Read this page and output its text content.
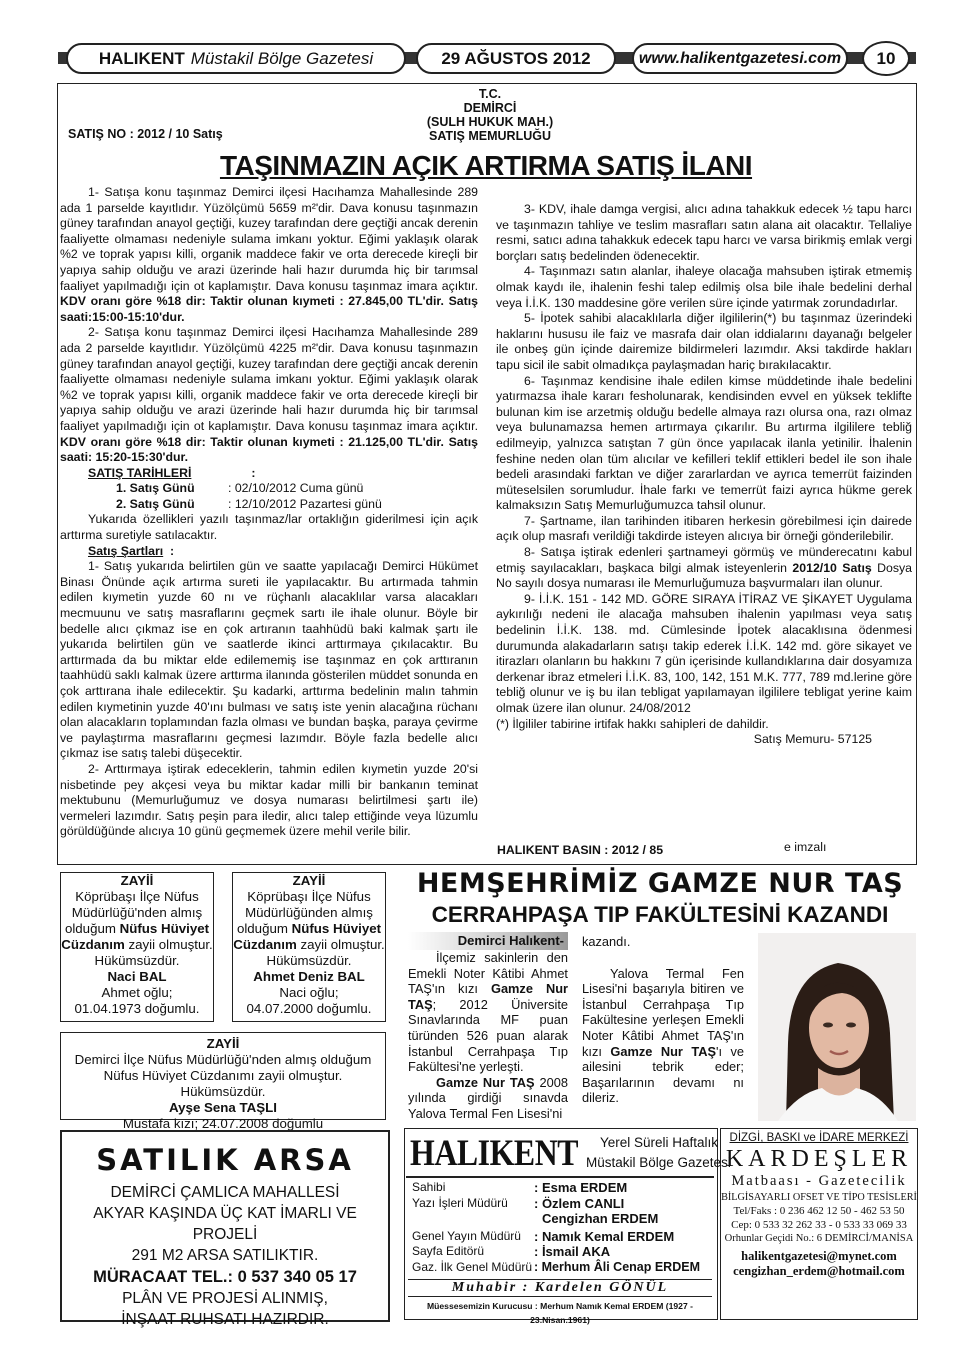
HALIKENT Müstakil Bölge Gazetesi	29 AĞUSTOS 2012	www.halikentgazetesi.com	10
T.C.
DEMİRCİ
(SULH HUKUK MAH.)
SATIŞ MEMURLUĞU
SATIŞ NO : 2012 / 10 Satış
TAŞINMAZIN AÇIK ARTIRMA SATIŞ İLANI

1- Satışa konu taşınmaz Demirci ilçesi Hacıhamza Mahallesinde 289 ada 1 parselde kayıtlıdır. Yüzölçümü 5659 m²'dir. Dava konusu taşınmazın güney tarafından anayol geçtiği, kuzey tarafından dere geçtiği ancak derenin faaliyette olmaması nedeniyle sulama imkanı yoktur. Eğimi yaklaşık olarak %2 ve toprak yapısı killi, organik maddece fakir ve orta derecede kireçli bir yapıya sahip olduğu ve arazi üzerinde hali hazır durumda hiç bir tarımsal faaliyet yapılmadığı için ot kaplamıştır. Dava konusu taşınmaz imara açıktır. KDV oranı göre %18 dir: Taktir olunan kıymeti : 27.845,00 TL'dir. Satış saati:15:00-15:10'dur.

2- Satışa konu taşınmaz Demirci ilçesi Hacıhamza Mahallesinde 289 ada 2 parselde kayıtlıdır. Yüzölçümü 4225 m²'dir. Dava konusu taşınmazın güney tarafından anayol geçtiği, kuzey tarafından dere geçtiği ancak derenin faaliyette olmaması nedeniyle sulama imkanı yoktur. Eğimi yaklaşık olarak %2 ve toprak yapısı killi, organik maddece fakir ve orta derecede kireçli bir yapıya sahip olduğu ve arazi üzerinde hali hazır durumda hiç bir tarımsal faaliyet yapılmadığı için ot kaplamıştır. Dava konusu taşınmaz imara açıktır. KDV oranı göre %18 dir: Taktir olunan kıymeti : 21.125,00 TL'dir. Satış saati: 15:20-15:30'dur.

SATIŞ TARİHLERİ	:

1. Satış Günü	: 02/10/2012 Cuma günü

2. Satış Günü	: 12/10/2012 Pazartesi günü

Yukarıda özellikleri yazılı taşınmaz/lar ortaklığın giderilmesi için açık arttırma suretiyle satılacaktır.

Satış Şartları  :

1- Satış yukarıda belirtilen gün ve saatte yapılacağı Demirci Hükümet Binası Önünde açık artırma sureti ile yapılacaktır. Bu artırmada tahmin edilen kıymetin yuzde 60 nı ve rüçhanlı alacaklılar varsa alacakları mecmuunu ve satış masraflarını geçmek sartı ile ihale olunur. Böyle bir bedelle alıcı çıkmaz ise en çok artıranın taahhüdü baki kalmak şartı ile yukarıda belirtilen gün ve saatlerde ikinci arttırmaya çıkılacaktır. Bu arttırmada da bu miktar elde edilememiş ise taşınmaz en çok arttıranın taahhüdü saklı kalmak üzere arttırma ilanında gösterilen müddet sonunda en çok arttırana ihale edilecektir. Şu kadarki, arttırma bedelinin malın tahmin edilen kıymetinin yuzde 40'ını bulması ve satış iste yenin alacağına rüchanı olan alacakların toplamından fazla olması ve bundan başka, paraya çevirme ve paylaştırma masraflarını geçmesi lazımdır. Böyle fazla bedelle alıcı çıkmaz ise satış talebi düşecektir.

2- Arttırmaya iştirak edeceklerin, tahmin edilen kıymetin yuzde 20'si nisbetinde pey akçesi veya bu miktar kadar milli bir bankanın teminat mektubunu (Memurluğumuz ve dosya numarası belirtilmesi şartı ile) vermeleri lazımdır. Satış peşin para iledir, alıcı talep ettiğinde veya lüzumlu görüldüğünde alıcıya 10 günü geçmemek üzere mehil verile bilir.

3- KDV, ihale damga vergisi, alıcı adına tahakkuk edecek ½ tapu harcı ve taşınmazın tahliye ve teslim masrafları satın alana ait olacaktır. Tellaliye resmi, satıcı adına tahakkuk edecek tapu harcı ve varsa birikmiş emlak vergi borçları satış bedelinden ödenecektir.

4- Taşınmazı satın alanlar, ihaleye olacağa mahsuben iştirak etmemiş olmak kaydı ile, ihalenin feshi talep edilmiş olsa bile ihale bedelini derhal veya İ.İ.K. 130 maddesine göre verilen süre içinde yatırmak zorundadırlar.

5- İpotek sahibi alacaklılarla diğer ilgililerin(*) bu taşınmaz üzerindeki haklarını hususu ile faiz ve masrafa dair olan iddialarını dayanağı belgeler ile onbeş gün içinde dairemize bildirmeleri lazımdır. Aksi takdirde hakları tapu sicil ile sabit olmadıkça paylaşmadan hariç bırakılacaktır.

6- Taşınmaz kendisine ihale edilen kimse müddetinde ihale bedelini yatırmazsa ihale kararı fesholunarak, kendisinden evvel en yüksek teklifte bulunan kim ise arzetmiş olduğu bedelle almaya razı olursa ona, razı olmaz veya bulunamazsa hemen artırmaya çıkarılır. Bu artırma ilgililere tebliğ edilmeyip, yalnızca satıştan 7 gün önce yapılacak ilanla yetinilir. İhalenin feshine neden olan tüm alıcılar ve kefilleri teklif ettikleri bedel ile son ihale bedeli arasındaki farktan ve diğer zararlardan ve ayrıca temerrüt faizinden müteselsilen sorumludur. İhale farkı ve temerrüt faizi ayrıca hükme gerek kalmaksızın Satış Memurluğumuzca tahsil olunur.

7- Şartname, ilan tarihinden itibaren herkesin görebilmesi için dairede açık olup masrafı verildiği takdirde isteyen alıcıya bir örneği gönderilebilir.

8- Satışa iştirak edenleri şartnameyi görmüş ve münderecatını kabul etmiş sayılacakları, başkaca bilgi almak isteyenlerin 2012/10 Satış Dosya No sayılı dosya numarası ile Memurluğumuza başvurmaları ilan olunur.

9- İ.İ.K. 151 - 142 MD. GÖRE SIRAYA İTİRAZ VE ŞİKAYET Uygulama aykırılığı nedeni ile alacağa mahsuben ihalenin yapılması veya satış bedelinin İ.İ.K. 138. md. Cümlesinde İpotek alacaklısına ödenmesi durumunda alakadarların satışı takip ederek İ.İ.K. 142 md. göre sikayet ve itirazları olanların bu hakkını 7 gün içerisinde kullandıklarına dair dosyamıza derkenar ibraz etmeleri İ.İ.K. 83, 100, 142, 151 M.K. 777, 789 md.lerine göre tebliğ olunur ve iş bu ilan tebligat yapılamayan ilgililere tebligat yerine kaim olmak üzere ilan olunur. 24/08/2012

(*) İlgililer tabirine irtifak hakkı sahipleri de dahildir.

Satış Memuru- 57125

HALIKENT BASIN : 2012 / 85	e imzalı
ZAYİİ
Köprübaşı İlçe Nüfus Müdürlüğü'nden almış olduğum Nüfus Hüviyet Cüzdanım zayii olmuştur. Hükümsüzdür.
Naci BAL
Ahmet oğlu;
01.04.1973 doğumlu.
ZAYİİ
Köprübaşı İlçe Nüfus Müdürlüğünden almış olduğum Nüfus Hüviyet Cüzdanım zayii olmuştur. Hükümsüzdür.
Ahmet Deniz BAL
Naci oğlu;
04.07.2000 doğumlu.
ZAYİİ
Demirci İlçe Nüfus Müdürlüğü'nden almış olduğum
Nüfus Hüviyet Cüzdanımı zayii olmuştur. Hükümsüzdür.
Ayşe Sena TAŞLI
Mustafa kızı; 24.07.2008 doğumlu
SATILIK ARSA
DEMİRCİ ÇAMLICA MAHALLESİ
AKYAR KAŞINDA ÜÇ KAT İMARLI VE PROJELİ
291 M2 ARSA SATILIKTIR.
MÜRACAAT TEL.: 0 537 340 05 17
PLÂN VE PROJESİ ALINMIŞ,
İNŞAAT RUHSATI HAZIRDIR.
HEMŞEHRİMİZ GAMZE NUR TAŞ
CERRAHPAŞA TIP FAKÜLTESİNİ KAZANDI
Demirci Halıkent-

İlçemiz sakinlerin den Emekli Noter Kâtibi Ahmet TAŞ'ın kızı Gamze Nur TAŞ; 2012 Üniversite Sınavlarında MF puan türünden 526 puan alarak İstanbul Cerrahpaşa Tıp Fakültesi'ne yerleşti.

Gamze Nur TAŞ 2008 yılında girdiği sınavda Yalova Termal Fen Lisesi'ni

kazandı.

Yalova Termal Fen Lisesi'ni başarıyla bitiren ve İstanbul Cerrahpaşa Tıp Fakültesine yerleşen Emekli Noter Kâtibi Ahmet TAŞ'ın kızı Gamze Nur TAŞ'ı ve ailesini tebrik eder; Başarılarının devamı nı dileriz.

HALIKENT Yerel Süreli Haftalık
Müstakil Bölge Gazetesi
Sahibi	: Esma ERDEM
Yazı İşleri Müdürü	: Özlem CANLI
Cengizhan ERDEM
Genel Yayın Müdürü	: Namık Kemal ERDEM
Sayfa Editörü	: İsmail AKA
Gaz. İlk Genel Müdürü : Merhum Âli Cenap ERDEM
Muhabir : Kardelen GÖNÜL
Müessesemizin Kurucusu : Merhum Namık Kemal ERDEM (1927 - 23.Nisan.1961)
DİZGİ, BASKI ve İDARE MERKEZİ
KARDEŞLER
Matbaası - Gazetecilik
BİLGİSAYARLI OFSET VE TİPO TESİSLERİ
Tel/Faks : 0 236 462 12 50 - 462 53 50
Cep: 0 533 32 262 33 - 0 533 33 069 33
Orhunlar Geçidi No.: 6 DEMİRCİ/MANİSA
halikentgazetesi@mynet.com
cengizhan_erdem@hotmail.com
